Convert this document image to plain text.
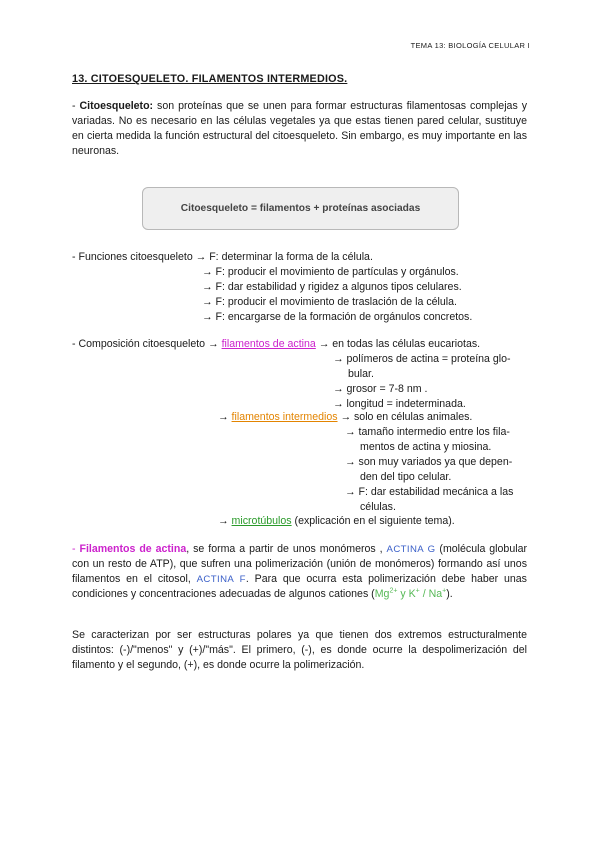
TEMA 13: BIOLOGÍA CELULAR I
13. CITOESQUELETO. FILAMENTOS INTERMEDIOS.
- Citoesqueleto: son proteínas que se unen para formar estructuras filamentosas complejas y variadas. No es necesario en las células vegetales ya que estas tienen pared celular, sustituye en cierta medida la función estructural del citoesqueleto. Sin embargo, es muy importante en las neuronas.
Citoesqueleto = filamentos + proteínas asociadas
- Funciones citoesqueleto → F: determinar la forma de la célula.
→ F: producir el movimiento de partículas y orgánulos.
→ F: dar estabilidad y rigidez a algunos tipos celulares.
→ F: producir el movimiento de traslación de la célula.
→ F: encargarse de la formación de orgánulos concretos.
- Composición citoesqueleto → filamentos de actina → en todas las células eucariotas.
→ polímeros de actina = proteína glo-
bular.
→ grosor = 7-8 nm .
→ longitud = indeterminada.
→ filamentos intermedios → solo en células animales.
→ tamaño intermedio entre los fila-
mentos de actina y miosina.
→ son muy variados ya que depen-
den del tipo celular.
→ F: dar estabilidad mecánica a las
células.
→ microtúbulos (explicación en el siguiente tema).
- Filamentos de actina, se forma a partir de unos monómeros , ACTINA G (molécula globular con un resto de ATP), que sufren una polimerización (unión de monómeros) formando así unos filamentos en el citosol, ACTINA F. Para que ocurra esta polimerización debe haber unas condiciones y concentraciones adecuadas de algunos cationes ($Mg^{2+}$ y K+ / Na+).
Se caracterizan por ser estructuras polares ya que tienen dos extremos estructuralmente distintos: (-)/"menos" y (+)/"más". El primero, (-), es donde ocurre la despolimerización del filamento y el segundo, (+), es donde ocurre la polimerización.
